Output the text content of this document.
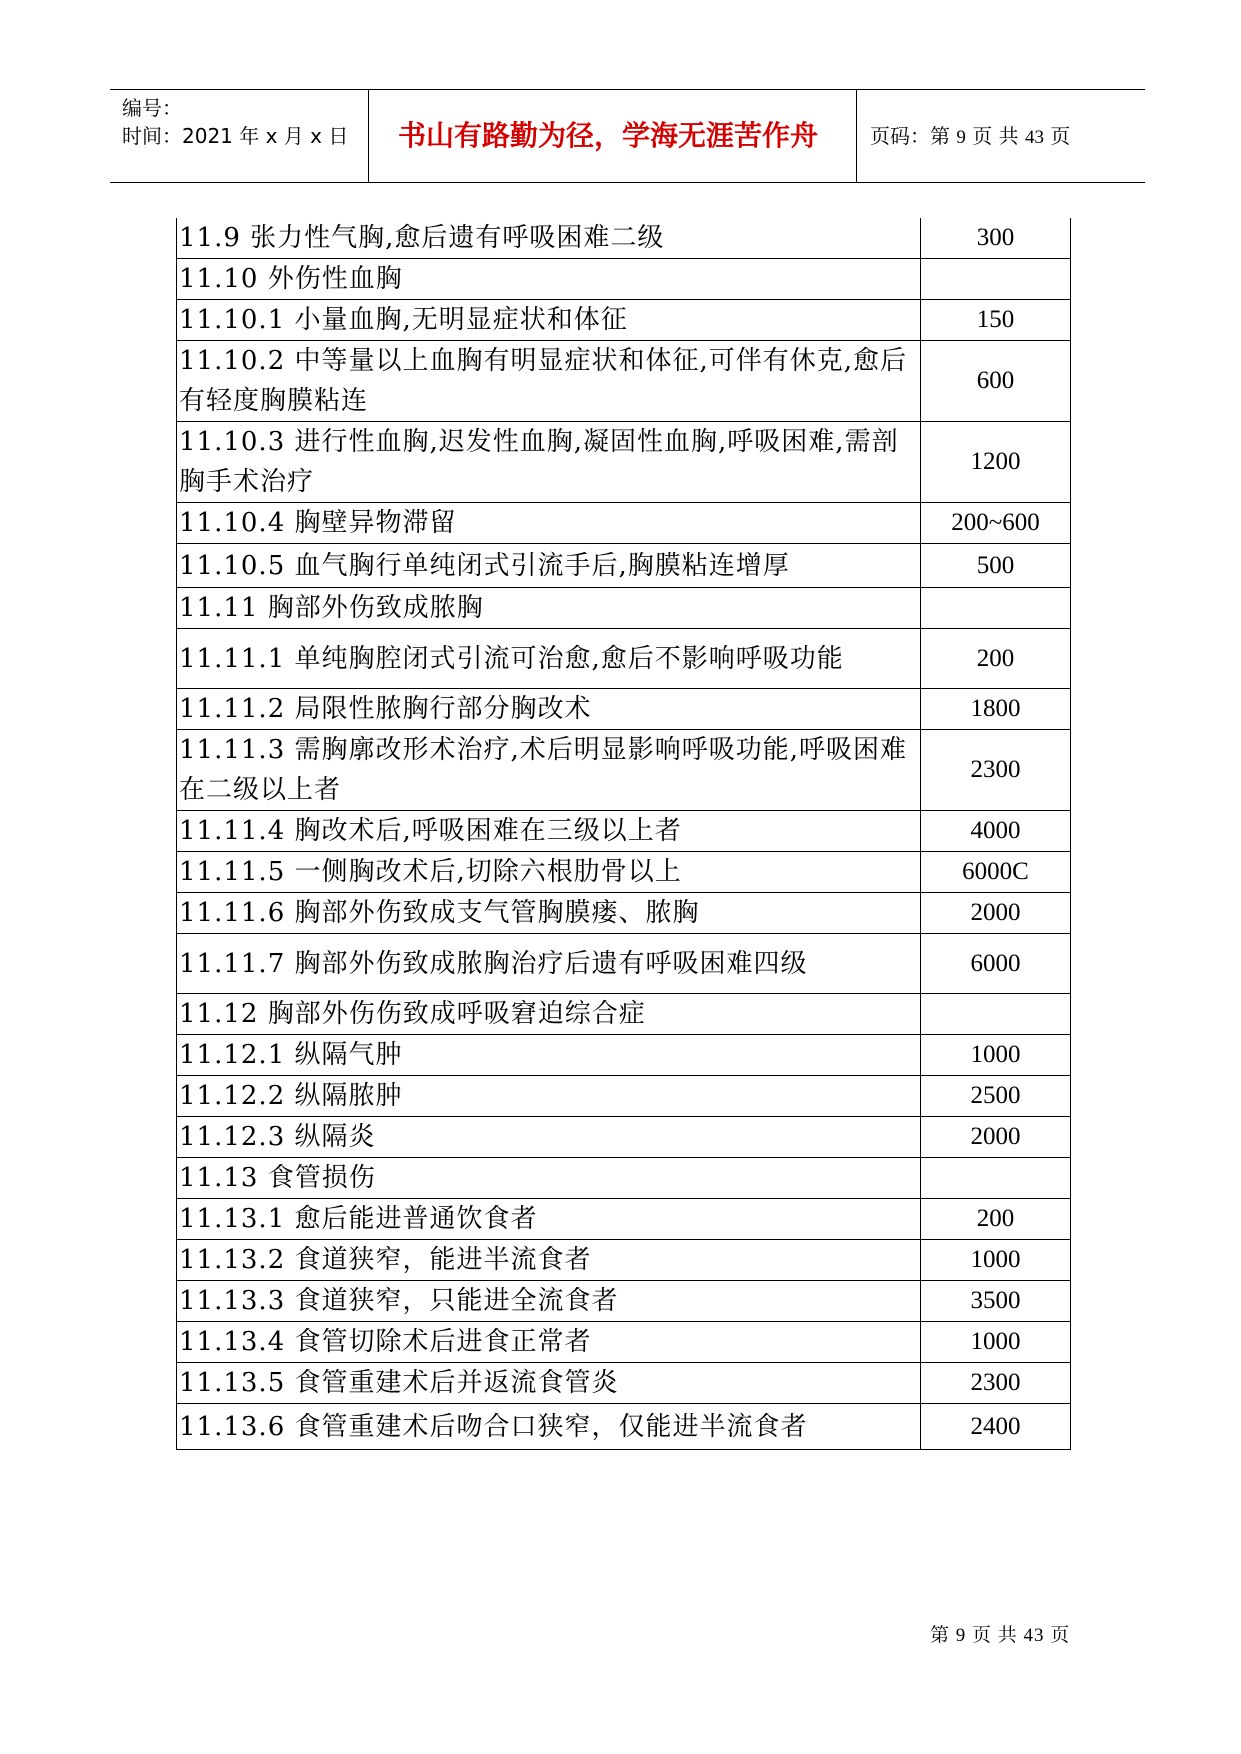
编号：
时间：2021 年 x 月 x 日	书山有路勤为径，学海无涯苦作舟	页码：第 9 页 共 43 页
11.9 张力性气胸,愈后遗有呼吸困难二级	300
11.10 外伤性血胸	
11.10.1 小量血胸,无明显症状和体征	150
11.10.2 中等量以上血胸有明显症状和体征,可伴有休克,愈后有轻度胸膜粘连	600
11.10.3 进行性血胸,迟发性血胸,凝固性血胸,呼吸困难,需剖胸手术治疗	1200
11.10.4 胸壁异物滞留	200~600
11.10.5 血气胸行单纯闭式引流手后,胸膜粘连增厚	500
11.11 胸部外伤致成脓胸	
11.11.1 单纯胸腔闭式引流可治愈,愈后不影响呼吸功能	200
11.11.2 局限性脓胸行部分胸改术	1800
11.11.3 需胸廓改形术治疗,术后明显影响呼吸功能,呼吸困难在二级以上者	2300
11.11.4 胸改术后,呼吸困难在三级以上者	4000
11.11.5 一侧胸改术后,切除六根肋骨以上	6000C
11.11.6 胸部外伤致成支气管胸膜瘘、脓胸	2000
11.11.7 胸部外伤致成脓胸治疗后遗有呼吸困难四级	6000
11.12 胸部外伤伤致成呼吸窘迫综合症	
11.12.1 纵隔气肿	1000
11.12.2 纵隔脓肿	2500
11.12.3 纵隔炎	2000
11.13 食管损伤	
11.13.1 愈后能进普通饮食者	200
11.13.2 食道狭窄，能进半流食者	1000
11.13.3 食道狭窄，只能进全流食者	3500
11.13.4 食管切除术后进食正常者	1000
11.13.5 食管重建术后并返流食管炎	2300
11.13.6 食管重建术后吻合口狭窄，仅能进半流食者	2400
第 9 页 共 43 页
